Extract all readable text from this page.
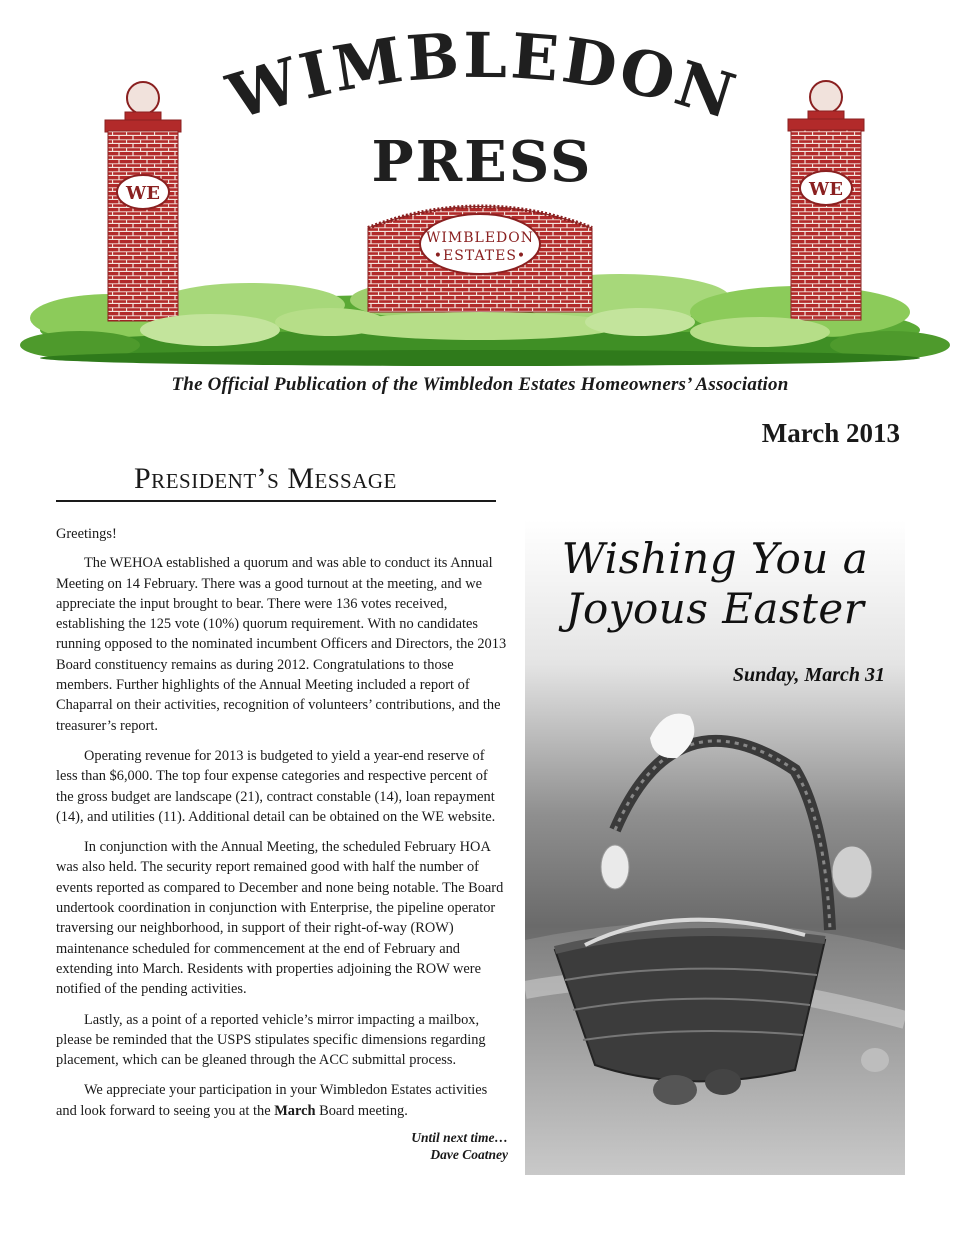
WIMBLEDON
PRESS
WE	WE
WIMBLEDON
•ESTATES•
The Official Publication of the Wimbledon Estates Homeowners’ Association
March 2013
President’s Message

Greetings!

The WEHOA established a quorum and was able to conduct its Annual Meeting on 14 February. There was a good turnout at the meeting, and we appreciate the input brought to bear. There were 136 votes received, establishing the 125 vote (10%) quorum requirement. With no candidates running opposed to the nominated incumbent Officers and Directors, the 2013 Board constituency remains as during 2012. Congratulations to those members. Further highlights of the Annual Meeting included a report of Chaparral on their activities, recognition of volunteers’ contributions, and the treasurer’s report.

Operating revenue for 2013 is budgeted to yield a year-end reserve of less than $6,000. The top four expense categories and respective percent of the gross budget are landscape (21), contract constable (14), loan repayment (14), and utilities (11). Additional detail can be obtained on the WE website.

In conjunction with the Annual Meeting, the scheduled February HOA was also held. The security report remained good with half the number of events reported as compared to December and none being notable. The Board undertook coordination in conjunction with Enterprise, the pipeline operator traversing our neighborhood, in support of their right-of-way (ROW) maintenance scheduled for commencement at the end of February and extending into March. Residents with properties adjoining the ROW were notified of the pending activities.

Lastly, as a point of a reported vehicle’s mirror impacting a mailbox, please be reminded that the USPS stipulates specific dimensions regarding placement, which can be gleaned through the ACC submittal process.

We appreciate your participation in your Wimbledon Estates activities and look forward to seeing you at the March Board meeting.

Until next time…
Dave Coatney
Wishing You a
Joyous Easter
Sunday, March 31
